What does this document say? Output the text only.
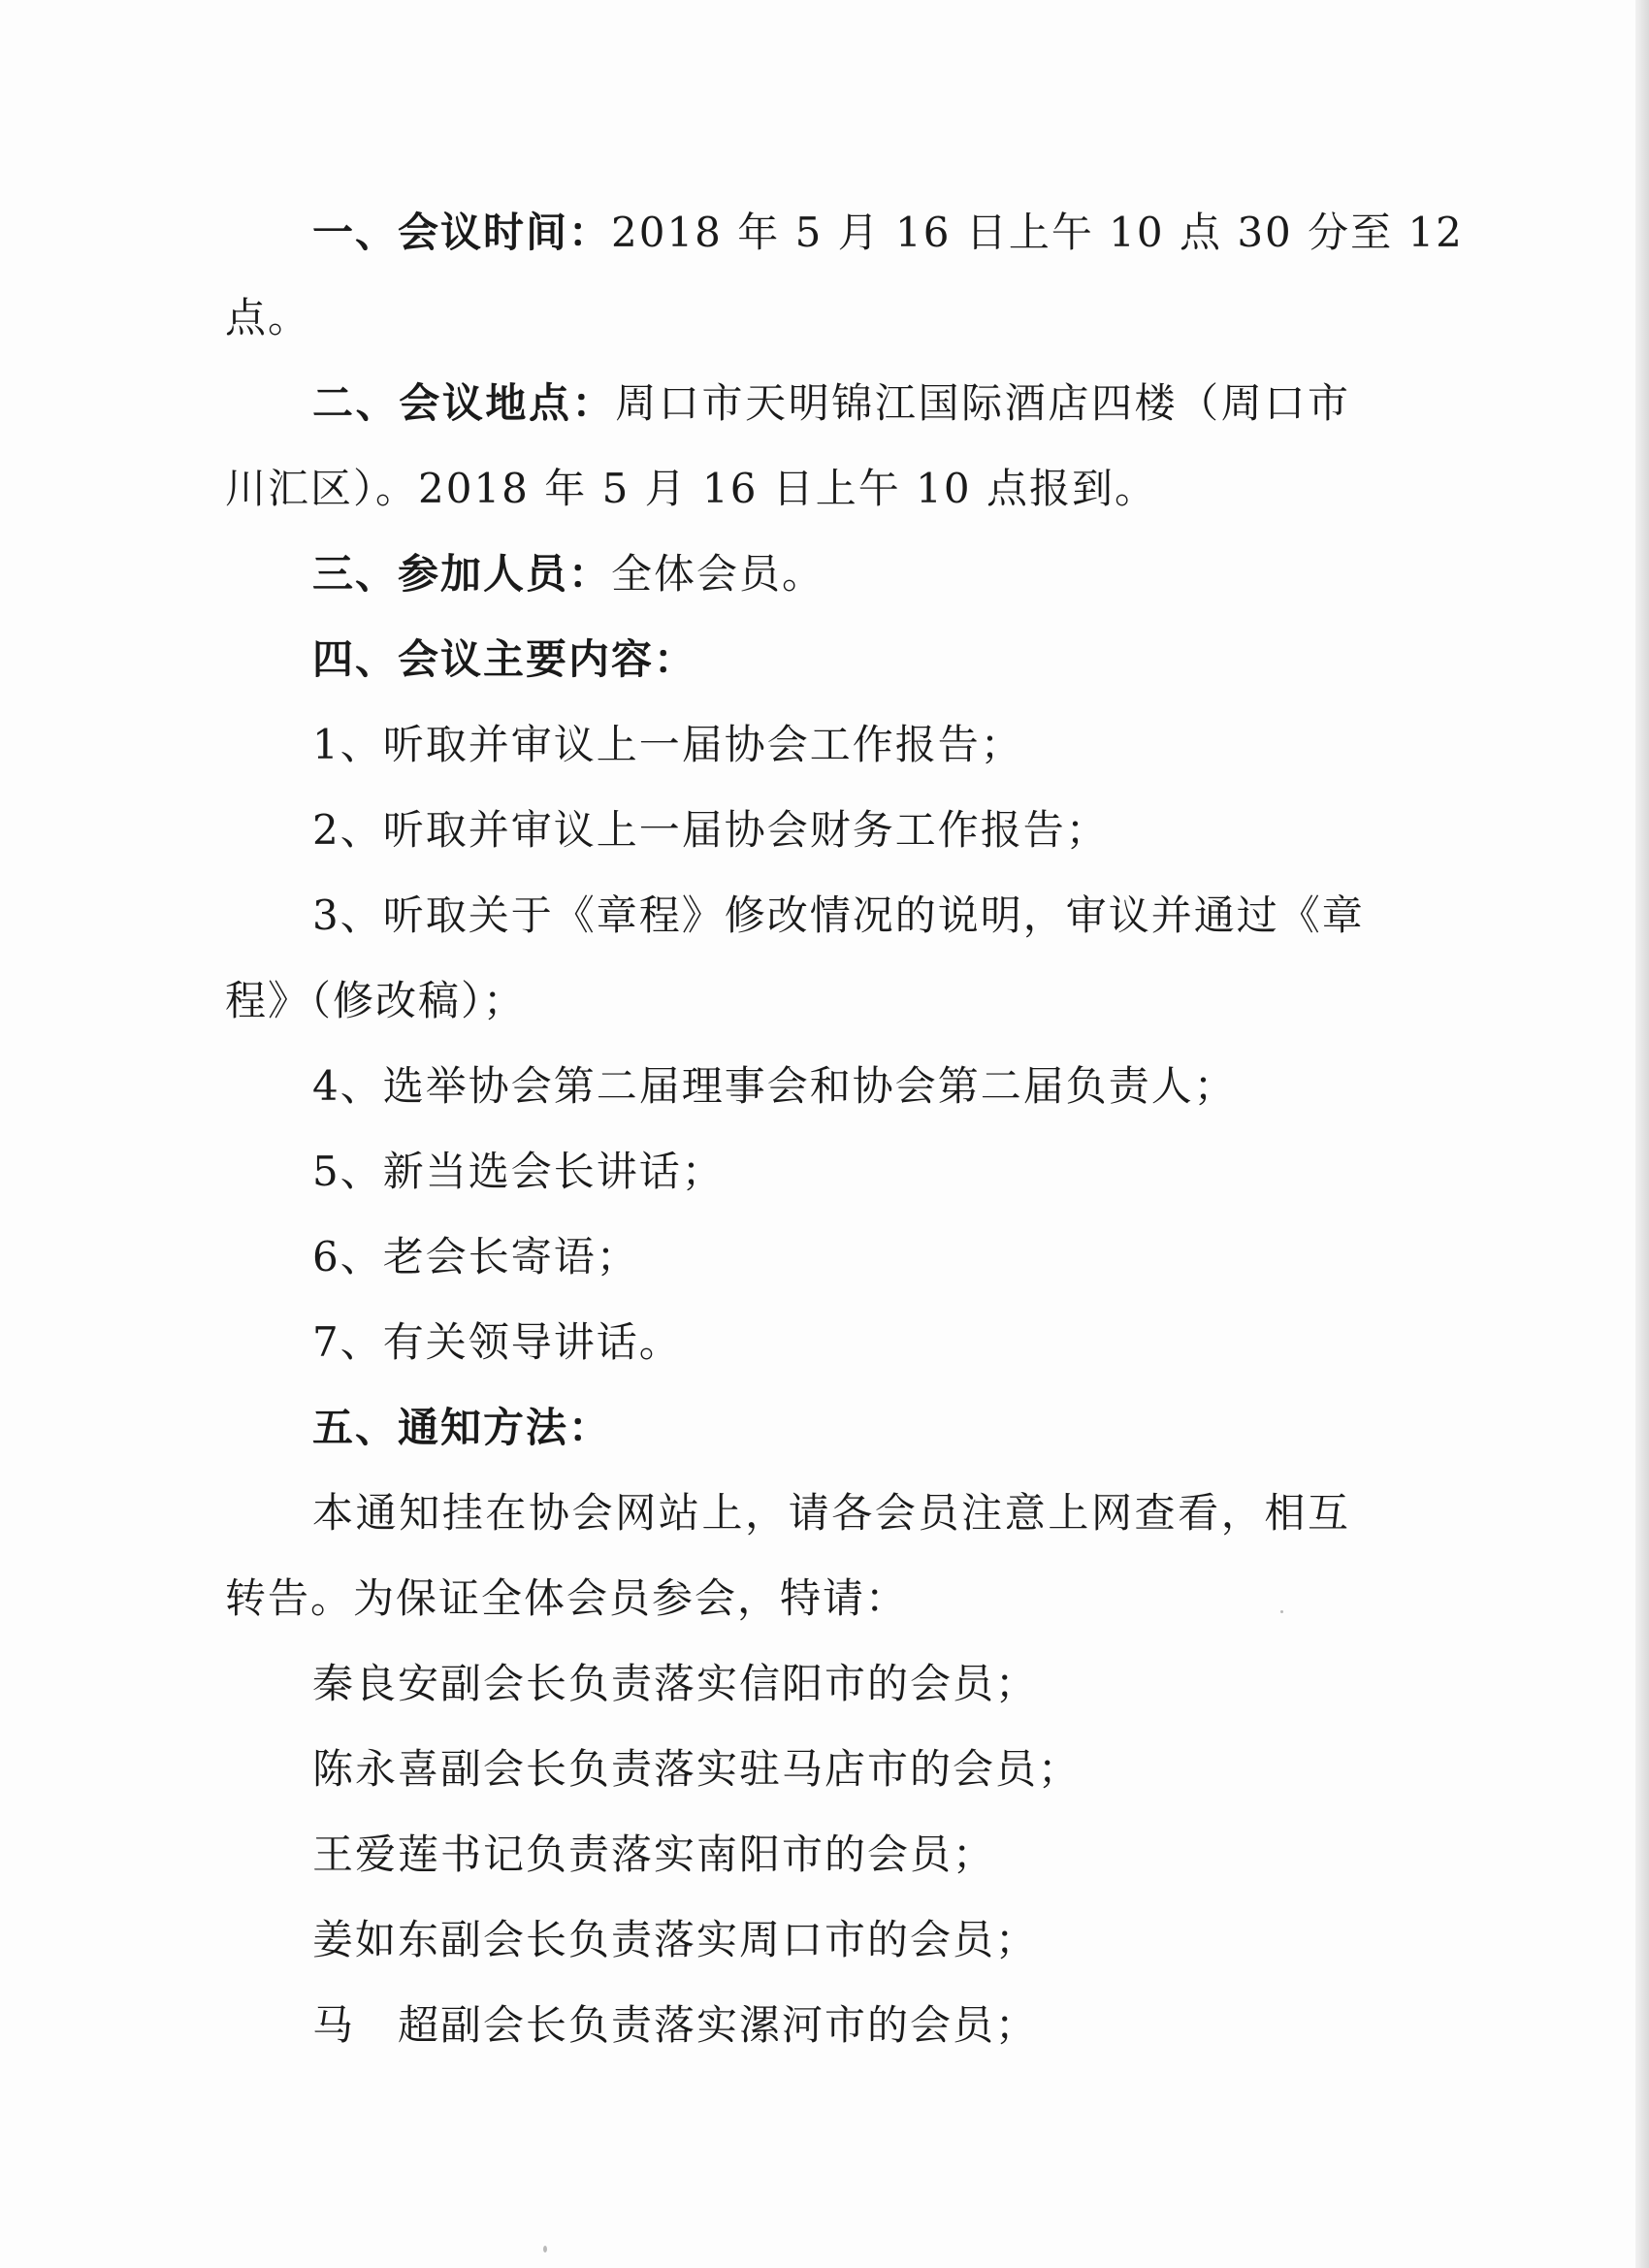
一、会议时间：2018 年 5 月 16 日上午 10 点 30 分至 12
点。
二、会议地点：周口市天明锦江国际酒店四楼（周口市
川汇区）。2018 年 5 月 16 日上午 10 点报到。
三、参加人员：全体会员。
四、会议主要内容：
1、听取并审议上一届协会工作报告；
2、听取并审议上一届协会财务工作报告；
3、听取关于《章程》修改情况的说明，审议并通过《章
程》（修改稿）；
4、选举协会第二届理事会和协会第二届负责人；
5、新当选会长讲话；
6、老会长寄语；
7、有关领导讲话。
五、通知方法：
本通知挂在协会网站上，请各会员注意上网查看，相互
转告。为保证全体会员参会，特请：
秦良安副会长负责落实信阳市的会员；
陈永喜副会长负责落实驻马店市的会员；
王爱莲书记负责落实南阳市的会员；
姜如东副会长负责落实周口市的会员；
马　超副会长负责落实漯河市的会员；
